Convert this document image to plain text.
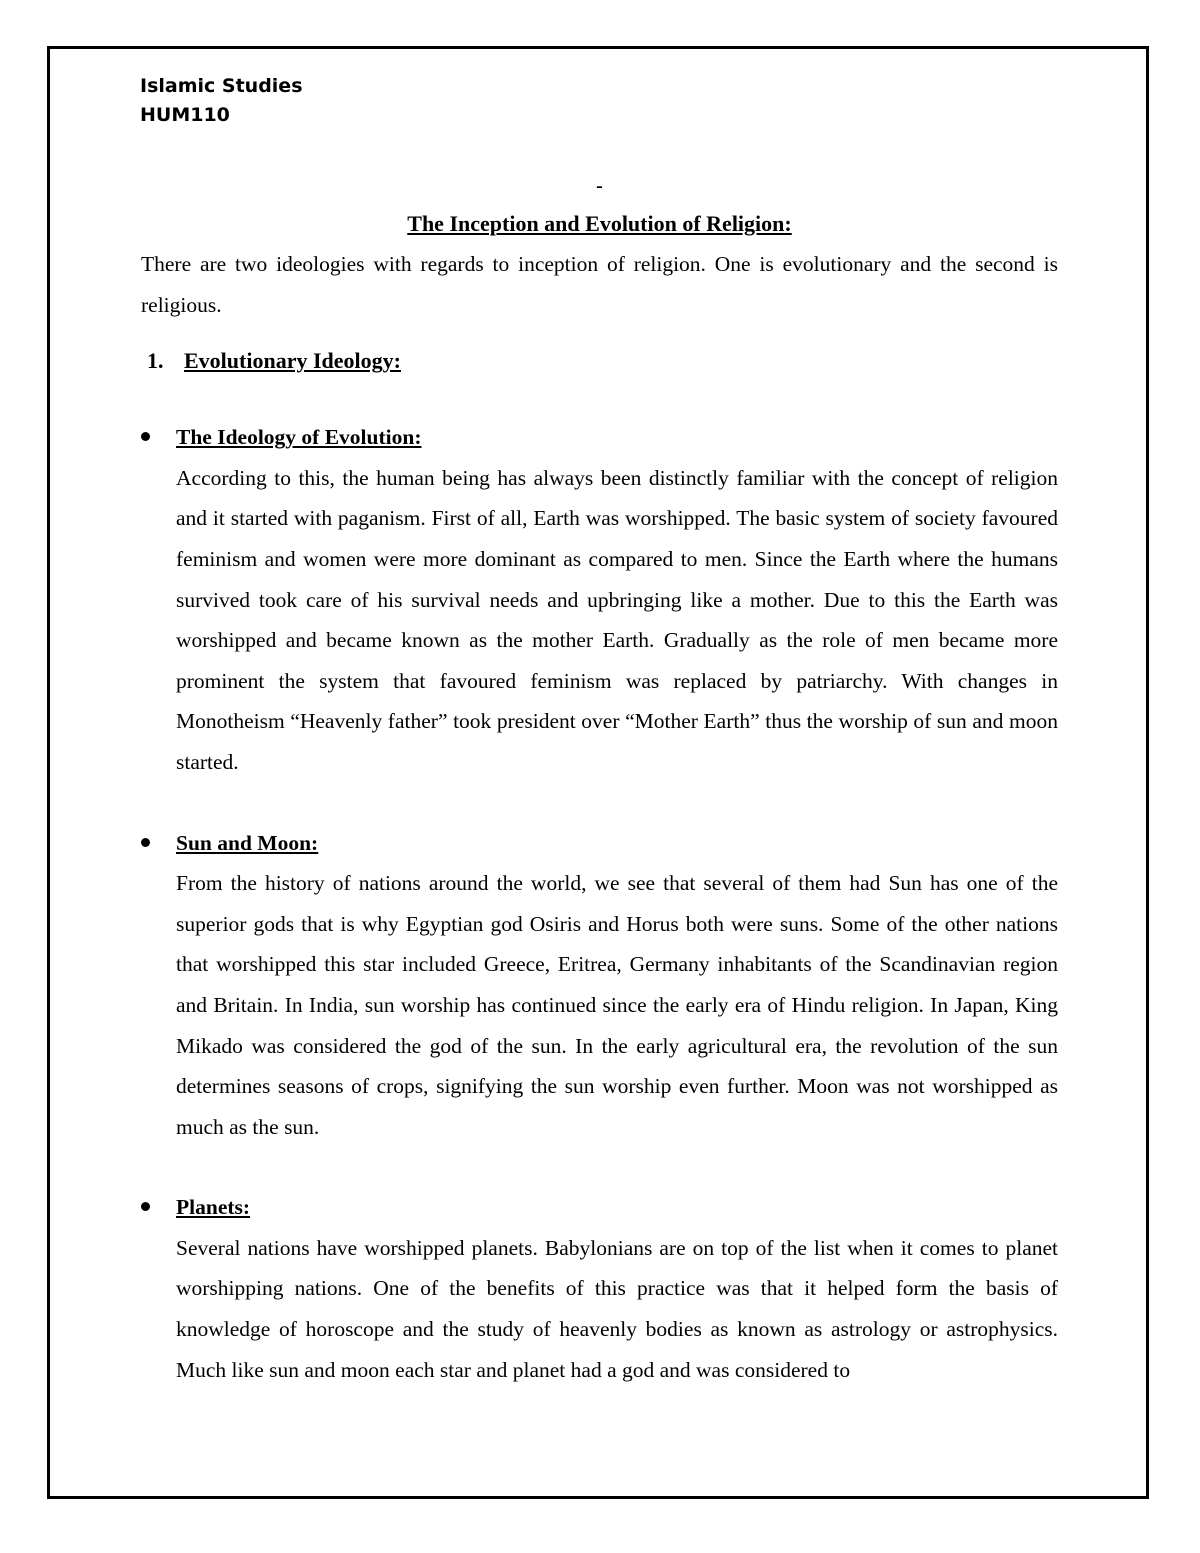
Islamic Studies
HUM110
-
The Inception and Evolution of Religion:

There are two ideologies with regards to inception of religion. One is evolutionary and the second is religious.

1. Evolutionary Ideology:
The Ideology of Evolution:

According to this, the human being has always been distinctly familiar with the concept of religion and it started with paganism. First of all, Earth was worshipped. The basic system of society favoured feminism and women were more dominant as compared to men. Since the Earth where the humans survived took care of his survival needs and upbringing like a mother. Due to this the Earth was worshipped and became known as the mother Earth. Gradually as the role of men became more prominent the system that favoured feminism was replaced by patriarchy. With changes in Monotheism “Heavenly father” took president over “Mother Earth” thus the worship of sun and moon started.

Sun and Moon:

From the history of nations around the world, we see that several of them had Sun has one of the superior gods that is why Egyptian god Osiris and Horus both were suns. Some of the other nations that worshipped this star included Greece, Eritrea, Germany inhabitants of the Scandinavian region and Britain. In India, sun worship has continued since the early era of Hindu religion. In Japan, King Mikado was considered the god of the sun. In the early agricultural era, the revolution of the sun determines seasons of crops, signifying the sun worship even further. Moon was not worshipped as much as the sun.

Planets:

Several nations have worshipped planets. Babylonians are on top of the list when it comes to planet worshipping nations. One of the benefits of this practice was that it helped form the basis of knowledge of horoscope and the study of heavenly bodies as known as astrology or astrophysics. Much like sun and moon each star and planet had a god and was considered to
